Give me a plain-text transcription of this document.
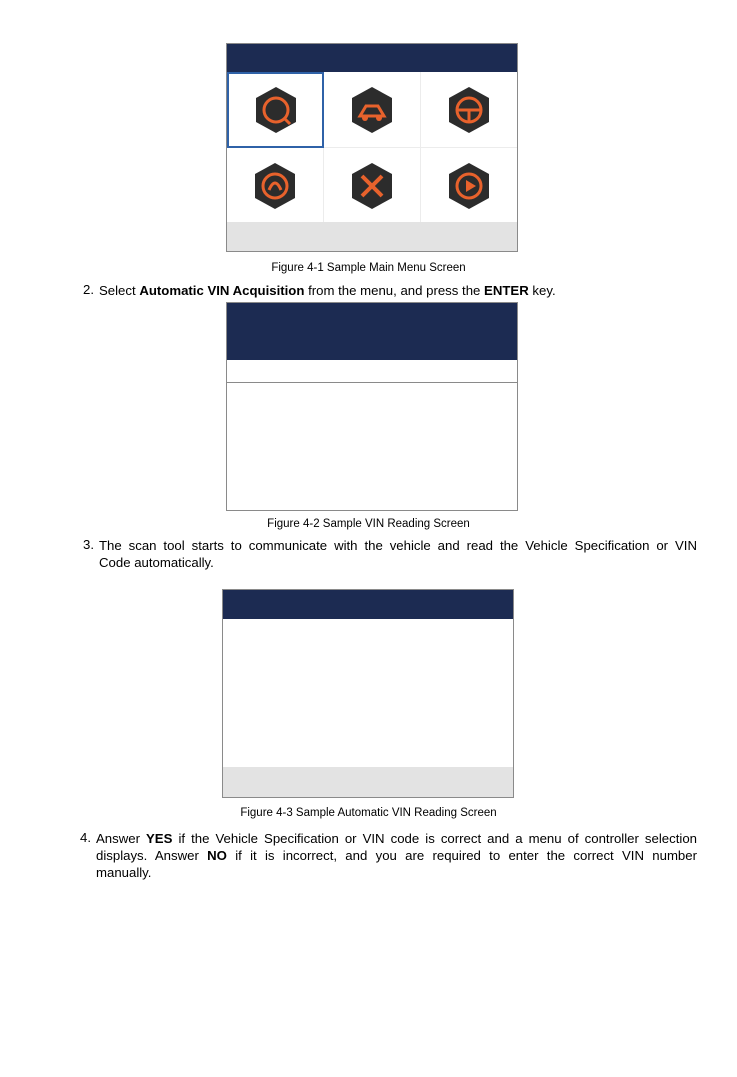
Figure 4-1 Sample Main Menu Screen
2. Select Automatic VIN Acquisition from the menu, and press the ENTER key.
Figure 4-2 Sample VIN Reading Screen
3. The scan tool starts to communicate with the vehicle and read the Vehicle Specification or VIN
Code automatically.
Figure 4-3 Sample Automatic VIN Reading Screen
4. Answer YES if the Vehicle Specification or VIN code is correct and a menu of controller selection
displays. Answer NO if it is incorrect, and you are required to enter the correct VIN number
manually.
